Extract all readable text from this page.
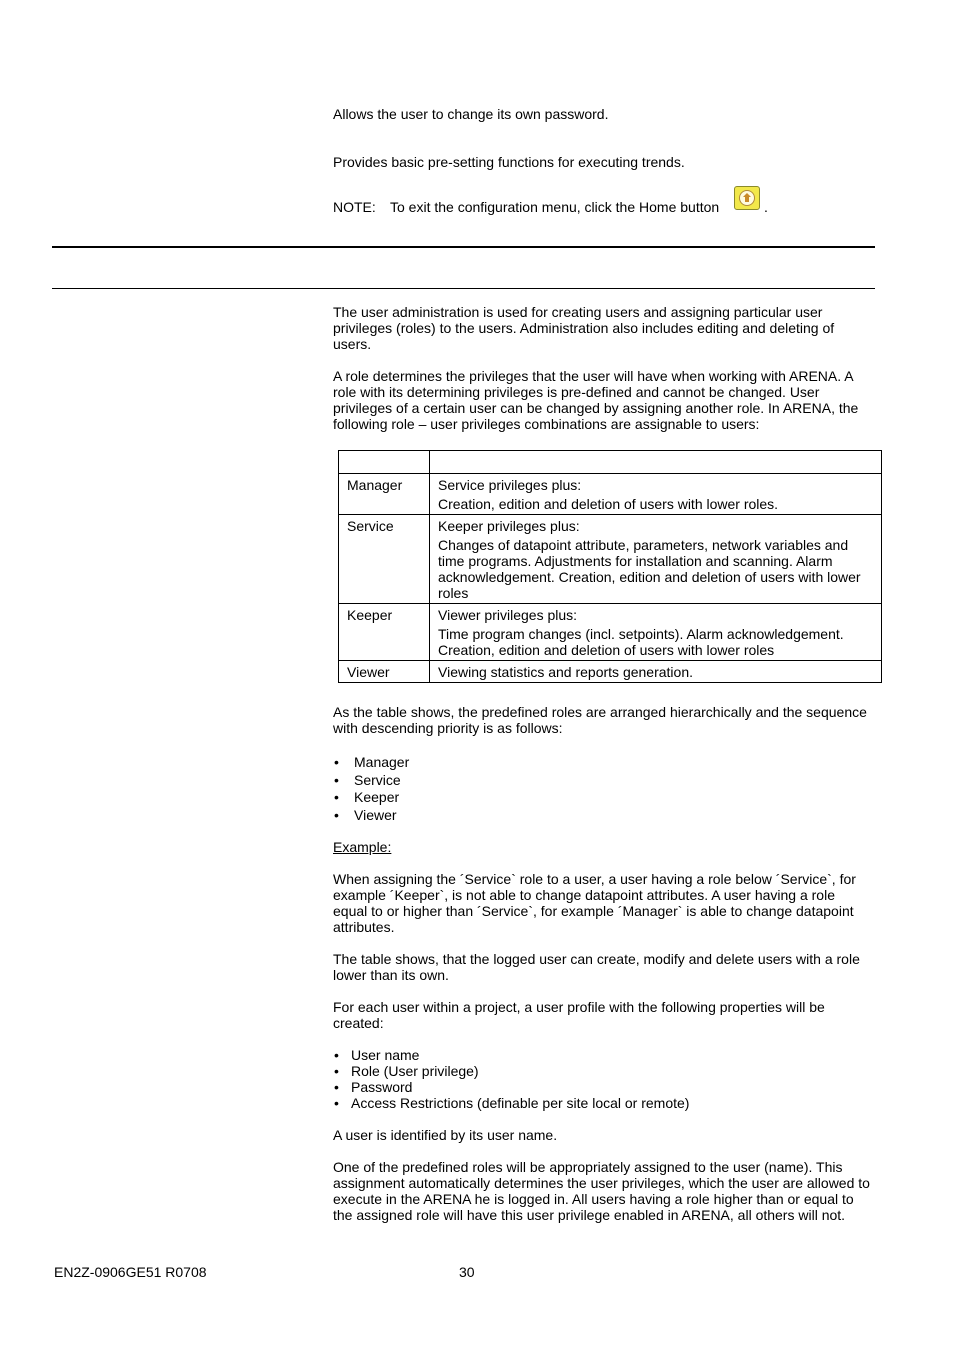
Allows the user to change its own password.

Provides basic pre-setting functions for executing trends.

NOTE: To exit the configuration menu, click the Home button	.

The user administration is used for creating users and assigning particular user privileges (roles) to the users. Administration also includes editing and deleting of users.

A role determines the privileges that the user will have when working with ARENA. A role with its determining privileges is pre-defined and cannot be changed. User privileges of a certain user can be changed by assigning another role. In ARENA, the following role – user privileges combinations are assignable to users:

Manager	Service privileges plus:

Creation, edition and deletion of users with lower roles.

Service	Keeper privileges plus:

Changes of datapoint attribute, parameters, network variables and time programs. Adjustments for installation and scanning. Alarm acknowledgement. Creation, edition and deletion of users with lower roles

Keeper	Viewer privileges plus:

Time program changes (incl. setpoints). Alarm acknowledgement. Creation, edition and deletion of users with lower roles

Viewer	Viewing statistics and reports generation.

As the table shows, the predefined roles are arranged hierarchically and the sequence with descending priority is as follows:

• Manager
• Service
• Keeper
• Viewer

Example:

When assigning the ´Service` role to a user, a user having a role below ´Service`, for example ´Keeper`, is not able to change datapoint attributes. A user having a role equal to or higher than ´Service`, for example ´Manager` is able to change datapoint attributes.

The table shows, that the logged user can create, modify and delete users with a role lower than its own.

For each user within a project, a user profile with the following properties will be created:

• User name
• Role (User privilege)
• Password
• Access Restrictions (definable per site local or remote)

A user is identified by its user name.

One of the predefined roles will be appropriately assigned to the user (name). This assignment automatically determines the user privileges, which the user are allowed to execute in the ARENA he is logged in. All users having a role higher than or equal to the assigned role will have this user privilege enabled in ARENA, all others will not.

EN2Z-0906GE51 R0708	30
